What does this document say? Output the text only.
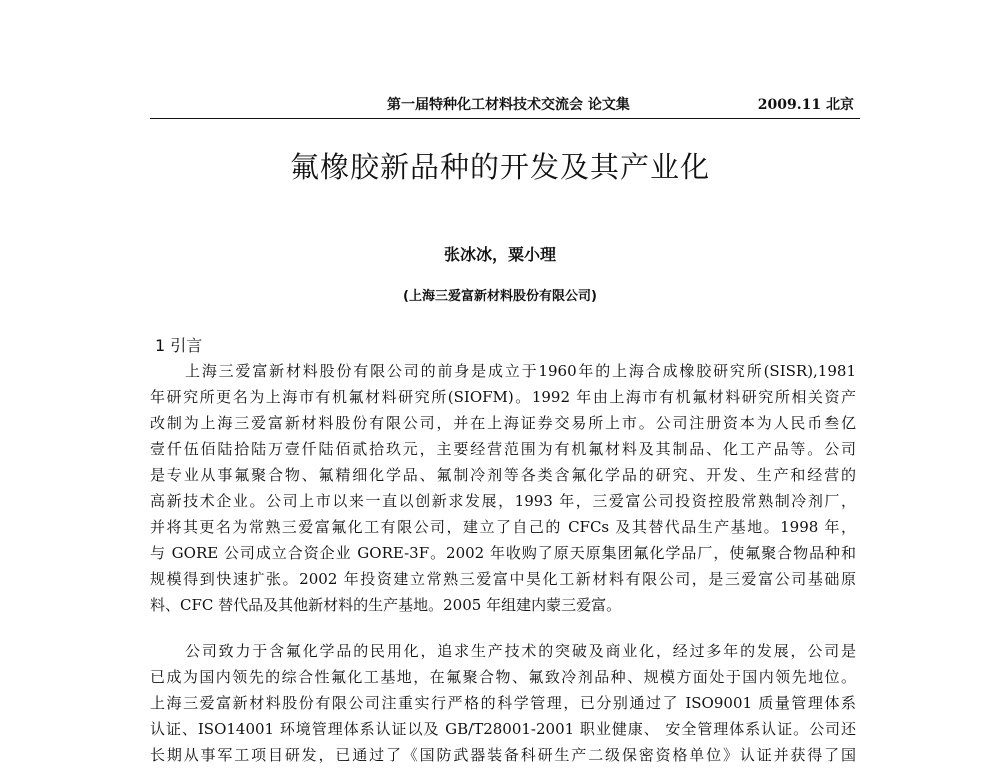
第一届特种化工材料技术交流会 论文集	2009.11 北京
氟橡胶新品种的开发及其产业化
张冰冰，粟小理
(上海三爱富新材料股份有限公司)
1 引言
上海三爱富新材料股份有限公司的前身是成立于1960年的上海合成橡胶研究所(SISR),1981
年研究所更名为上海市有机氟材料研究所(SIOFM)。1992 年由上海市有机氟材料研究所相关资产
改制为上海三爱富新材料股份有限公司，并在上海证券交易所上市。公司注册资本为人民币叁亿
壹仟伍佰陆拾陆万壹仟陆佰贰拾玖元，主要经营范围为有机氟材料及其制品、化工产品等。公司
是专业从事氟聚合物、氟精细化学品、氟制冷剂等各类含氟化学品的研究、开发、生产和经营的
高新技术企业。公司上市以来一直以创新求发展，1993 年，三爱富公司投资控股常熟制冷剂厂，
并将其更名为常熟三爱富氟化工有限公司，建立了自己的 CFCs 及其替代品生产基地。1998 年，
与 GORE 公司成立合资企业 GORE-3F。2002 年收购了原天原集团氟化学品厂，使氟聚合物品种和
规模得到快速扩张。2002 年投资建立常熟三爱富中昊化工新材料有限公司，是三爱富公司基础原
料、CFC 替代品及其他新材料的生产基地。2005 年组建内蒙三爱富。
公司致力于含氟化学品的民用化，追求生产技术的突破及商业化，经过多年的发展，公司是
已成为国内领先的综合性氟化工基地，在氟聚合物、氟致冷剂品种、规模方面处于国内领先地位。
上海三爱富新材料股份有限公司注重实行严格的科学管理，已分别通过了 ISO9001 质量管理体系
认证、ISO14001 环境管理体系认证以及 GB/T28001-2001 职业健康、 安全管理体系认证。公司还
长期从事军工项目研发，已通过了《国防武器装备科研生产二级保密资格单位》认证并获得了国
